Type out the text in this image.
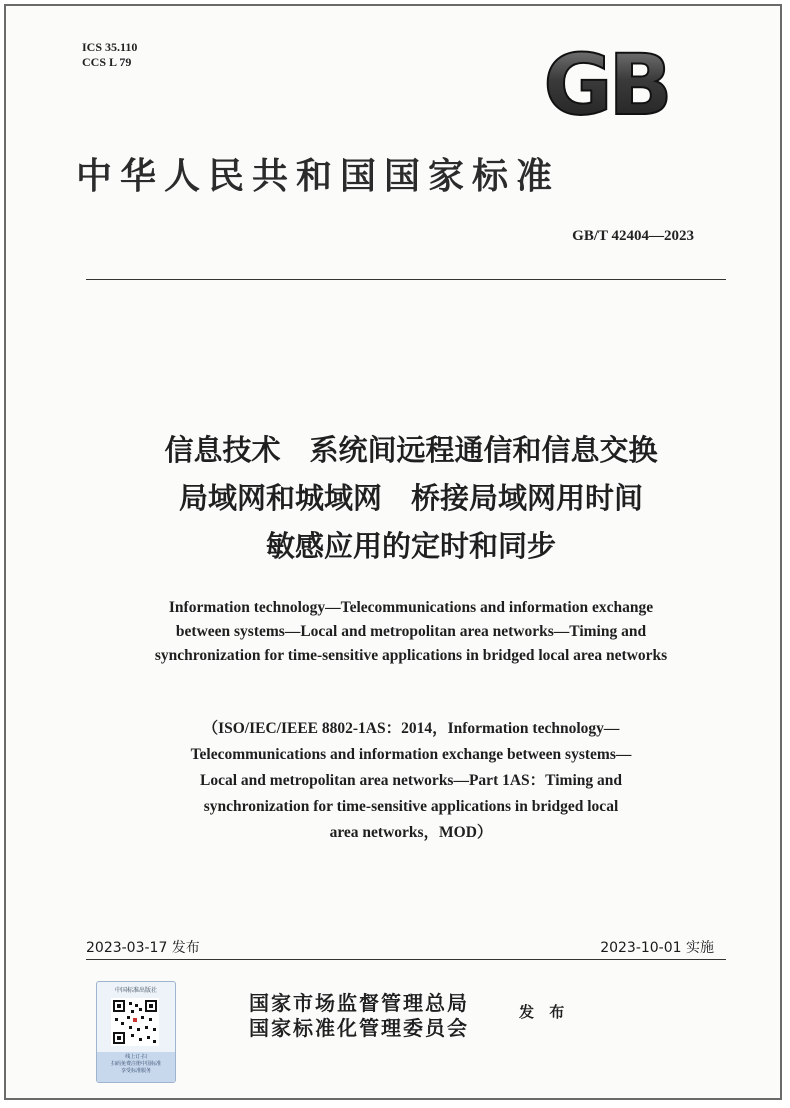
ICS 35.110
CCS L 79	GB
中华人民共和国国家标准
GB/T 42404—2023
信息技术　系统间远程通信和信息交换
局域网和城域网　桥接局域网用时间
敏感应用的定时和同步
Information technology—Telecommunications and information exchange
between systems—Local and metropolitan area networks—Timing and
synchronization for time-sensitive applications in bridged local area networks
（ISO/IEC/IEEE 8802-1AS：2014，Information technology—
Telecommunications and information exchange between systems—
Local and metropolitan area networks—Part 1AS：Timing and
synchronization for time-sensitive applications in bridged local
area networks，MOD）
2023-03-17 发布	2023-10-01 实施
中国标准出版社
线上订·扫
扫码免费注册中国标准
享受标准服务
国家市场监督管理总局
国家标准化管理委员会
发 布
